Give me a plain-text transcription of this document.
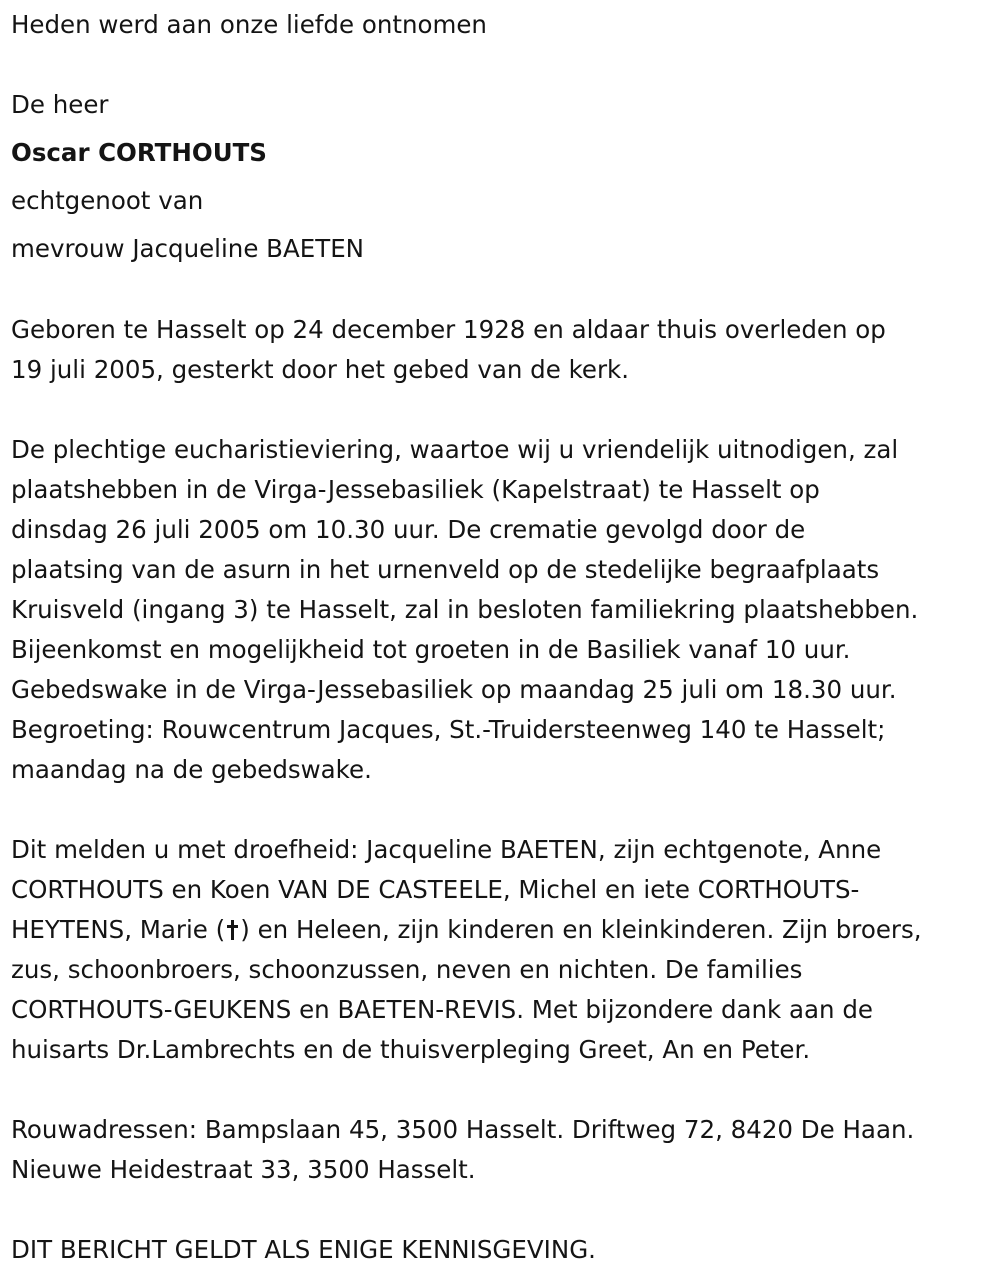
Heden werd aan onze liefde ontnomen
De heer
Oscar CORTHOUTS
echtgenoot van
mevrouw Jacqueline BAETEN
Geboren te Hasselt op 24 december 1928 en aldaar thuis overleden op
19 juli 2005, gesterkt door het gebed van de kerk.
De plechtige eucharistieviering, waartoe wij u vriendelijk uitnodigen, zal
plaatshebben in de Virga-Jessebasiliek (Kapelstraat) te Hasselt op
dinsdag 26 juli 2005 om 10.30 uur. De crematie gevolgd door de
plaatsing van de asurn in het urnenveld op de stedelijke begraafplaats
Kruisveld (ingang 3) te Hasselt, zal in besloten familiekring plaatshebben.
Bijeenkomst en mogelijkheid tot groeten in de Basiliek vanaf 10 uur.
Gebedswake in de Virga-Jessebasiliek op maandag 25 juli om 18.30 uur.
Begroeting: Rouwcentrum Jacques, St.-Truidersteenweg 140 te Hasselt;
maandag na de gebedswake.
Dit melden u met droefheid: Jacqueline BAETEN, zijn echtgenote, Anne
CORTHOUTS en Koen VAN DE CASTEELE, Michel en iete CORTHOUTS-
HEYTENS, Marie ( ) en Heleen, zijn kinderen en kleinkinderen. Zijn broers,
zus, schoonbroers, schoonzussen, neven en nichten. De families
CORTHOUTS-GEUKENS en BAETEN-REVIS. Met bijzondere dank aan de
huisarts Dr.Lambrechts en de thuisverpleging Greet, An en Peter.
Rouwadressen: Bampslaan 45, 3500 Hasselt. Driftweg 72, 8420 De Haan.
Nieuwe Heidestraat 33, 3500 Hasselt.
DIT BERICHT GELDT ALS ENIGE KENNISGEVING.
